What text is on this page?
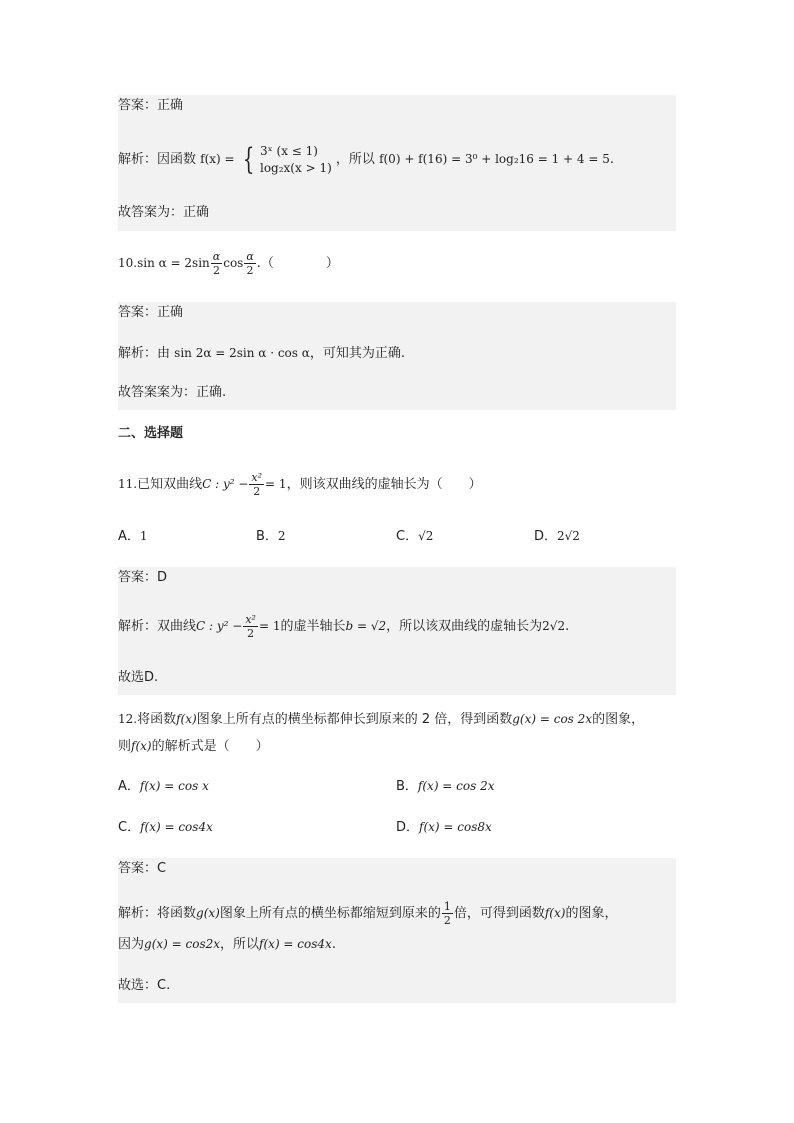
答案：正确
解析：因函数 f(x) = { 3ˣ (x ≤ 1)
log₂x(x > 1)
，所以 f(0) + f(16) = 3⁰ + log₂16 = 1 + 4 = 5.
故答案为：正确
10.sin $\alpha = 2\sin \frac{\alpha}{2}$ $\cos \frac{\alpha}{2}$ .（　　　　）
答案：正确
解析：由 sin 2α = 2sin α · cos α，可知其为正确.
故答案案为：正确.
二、选择题
11.已知双曲线C : $y^2 - \frac{\text{x²}}{2} = 1$，则该双曲线的虚轴长为（　　）
A．1	B．2	C．√2	D．2√2
答案：D
解析：双曲线C : $y^2 - \frac{\text{x²}}{2} = 1$的虚半轴长b = √2，所以该双曲线的虚轴长为2√2.
故选D.
12.将函数f(x)图象上所有点的横坐标都伸长到原来的 2 倍，得到函数g(x) = cos 2x的图象，
则f(x)的解析式是（　　）
A．f(x) = cos x	B．f(x) = cos 2x
C．f(x) = cos4x	D．f(x) = cos8x
答案：C
解析：将函数g(x)图象上所有点的横坐标都缩短到原来的 $\frac{1}{2}$ 倍，可得到函数f(x)的图象，
因为g(x) = cos2x，所以f(x) = cos4x.
故选：C.
